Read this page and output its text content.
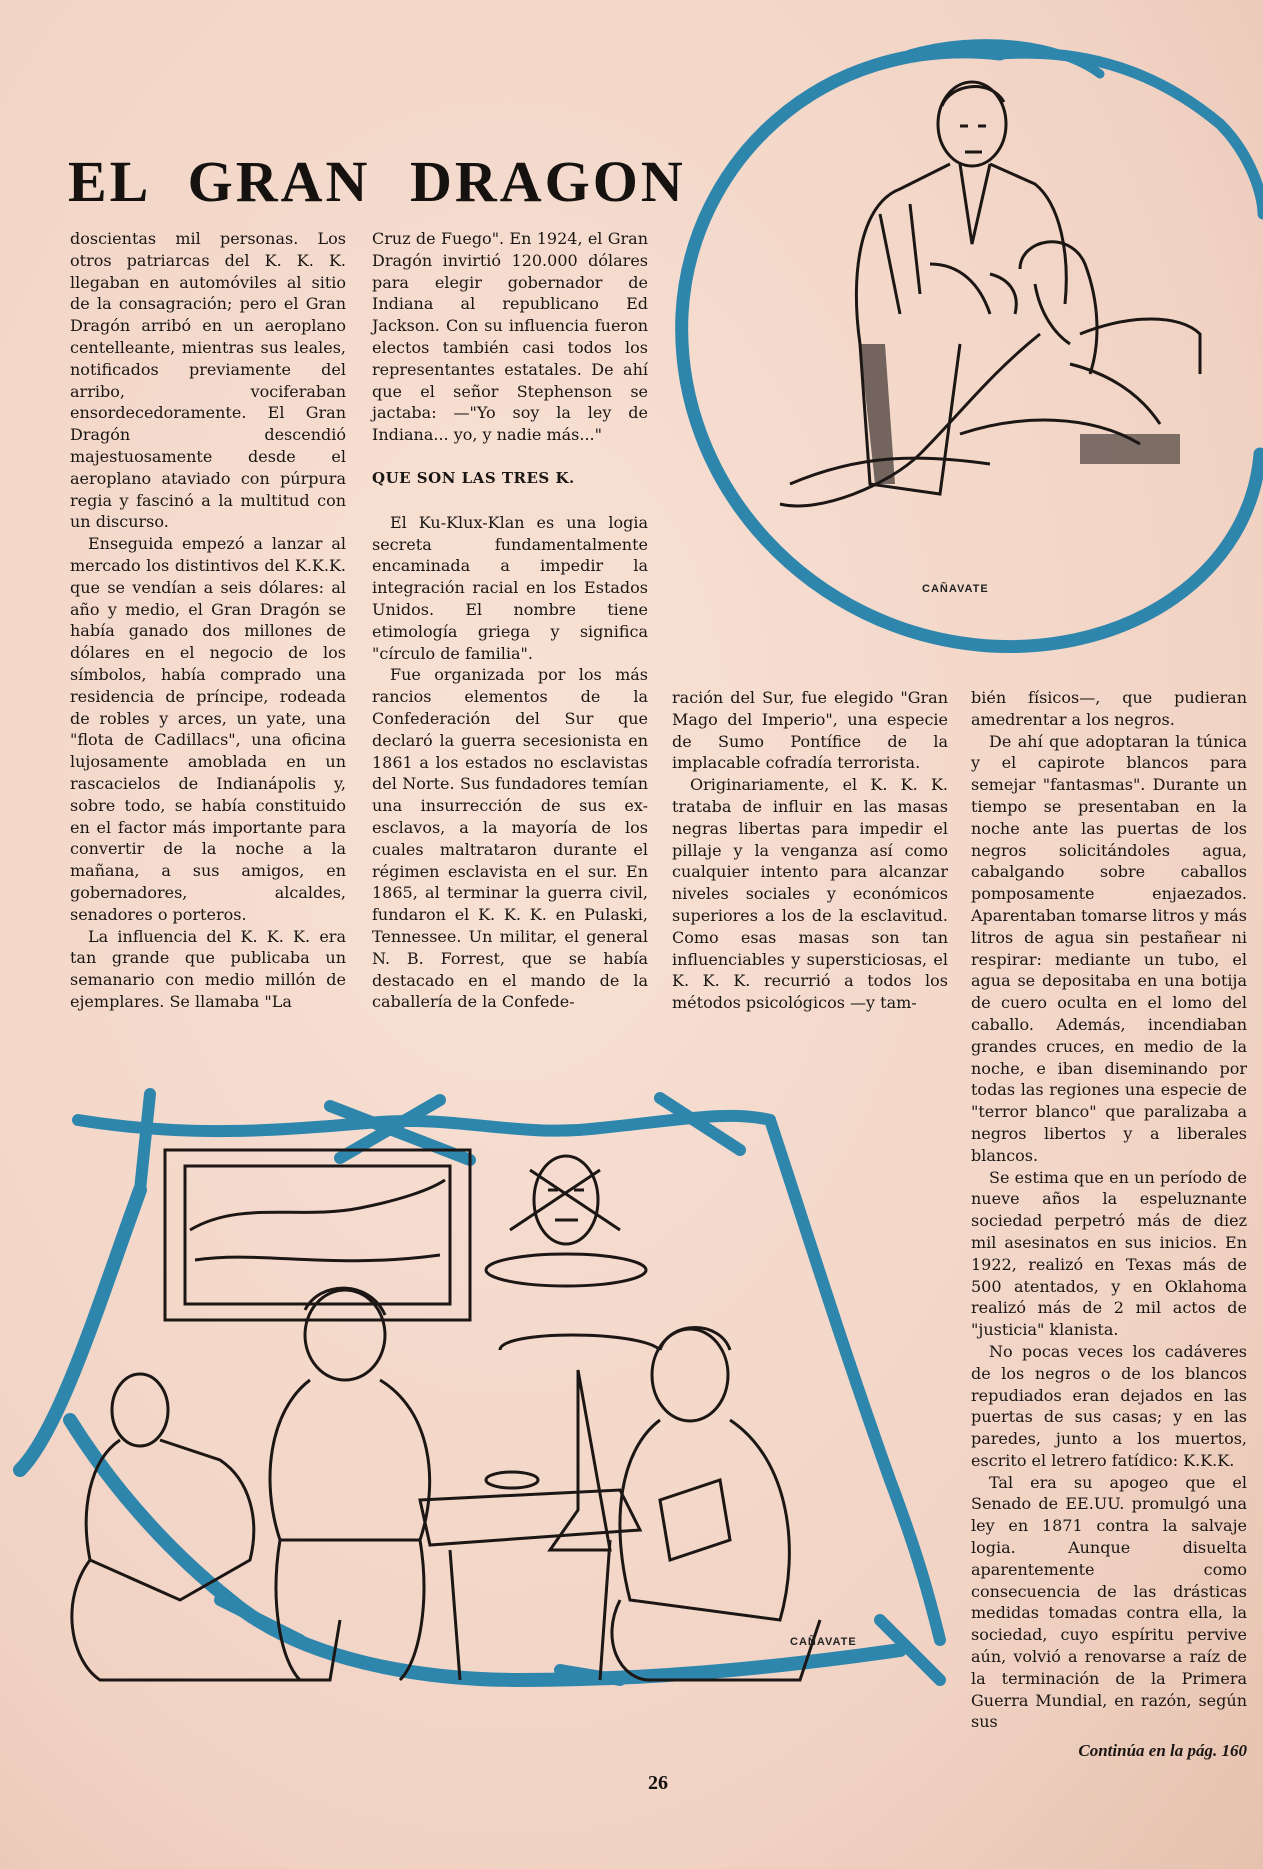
CAÑAVATE
CAÑAVATE
EL GRAN DRAGON

doscientas mil personas. Los otros patriarcas del K. K. K. llegaban en automóviles al sitio de la consagración; pero el Gran Dragón arribó en un aeroplano centelleante, mientras sus leales, notificados previamente del arribo, vociferaban ensordecedoramente. El Gran Dragón descendió majestuosamente desde el aeroplano ataviado con púrpura regia y fascinó a la multitud con un discurso.

Enseguida empezó a lanzar al mercado los distintivos del K.K.K. que se vendían a seis dólares: al año y medio, el Gran Dragón se había ganado dos millones de dólares en el negocio de los símbolos, había comprado una residencia de príncipe, rodeada de robles y arces, un yate, una "flota de Cadillacs", una oficina lujosamente amoblada en un rascacielos de Indianápolis y, sobre todo, se había constituido en el factor más importante para convertir de la noche a la mañana, a sus amigos, en gobernadores, alcaldes, senadores o porteros.

La influencia del K. K. K. era tan grande que publicaba un semanario con medio millón de ejemplares. Se llamaba "La

Cruz de Fuego". En 1924, el Gran Dragón invirtió 120.000 dólares para elegir gobernador de Indiana al republicano Ed Jackson. Con su influencia fueron electos también casi todos los representantes estatales. De ahí que el señor Stephenson se jactaba: —"Yo soy la ley de Indiana... yo, y nadie más..."

QUE SON LAS TRES K.

El Ku-Klux-Klan es una logia secreta fundamentalmente encaminada a impedir la integración racial en los Estados Unidos. El nombre tiene etimología griega y significa "círculo de familia".

Fue organizada por los más rancios elementos de la Confederación del Sur que declaró la guerra secesionista en 1861 a los estados no esclavistas del Norte. Sus fundadores temían una insurrección de sus ex-esclavos, a la mayoría de los cuales maltrataron durante el régimen esclavista en el sur. En 1865, al terminar la guerra civil, fundaron el K. K. K. en Pulaski, Tennessee. Un militar, el general N. B. Forrest, que se había destacado en el mando de la caballería de la Confede-

ración del Sur, fue elegido "Gran Mago del Imperio", una especie de Sumo Pontífice de la implacable cofradía terrorista.

Originariamente, el K. K. K. trataba de influir en las masas negras libertas para impedir el pillaje y la venganza así como cualquier intento para alcanzar niveles sociales y económicos superiores a los de la esclavitud. Como esas masas son tan influenciables y supersticiosas, el K. K. K. recurrió a todos los métodos psicológicos —y tam-

bién físicos—, que pudieran amedrentar a los negros.

De ahí que adoptaran la túnica y el capirote blancos para semejar "fantasmas". Durante un tiempo se presentaban en la noche ante las puertas de los negros solicitándoles agua, cabalgando sobre caballos pomposamente enjaezados. Aparentaban tomarse litros y más litros de agua sin pestañear ni respirar: mediante un tubo, el agua se depositaba en una botija de cuero oculta en el lomo del caballo. Además, incendiaban grandes cruces, en medio de la noche, e iban diseminando por todas las regiones una especie de "terror blanco" que paralizaba a negros libertos y a liberales blancos.

Se estima que en un período de nueve años la espeluznante sociedad perpetró más de diez mil asesinatos en sus inicios. En 1922, realizó en Texas más de 500 atentados, y en Oklahoma realizó más de 2 mil actos de "justicia" klanista.

No pocas veces los cadáveres de los negros o de los blancos repudiados eran dejados en las puertas de sus casas; y en las paredes, junto a los muertos, escrito el letrero fatídico: K.K.K.

Tal era su apogeo que el Senado de EE.UU. promulgó una ley en 1871 contra la salvaje logia. Aunque disuelta aparentemente como consecuencia de las drásticas medidas tomadas contra ella, la sociedad, cuyo espíritu pervive aún, volvió a renovarse a raíz de la terminación de la Primera Guerra Mundial, en razón, según sus

Continúa en la pág. 160
26
